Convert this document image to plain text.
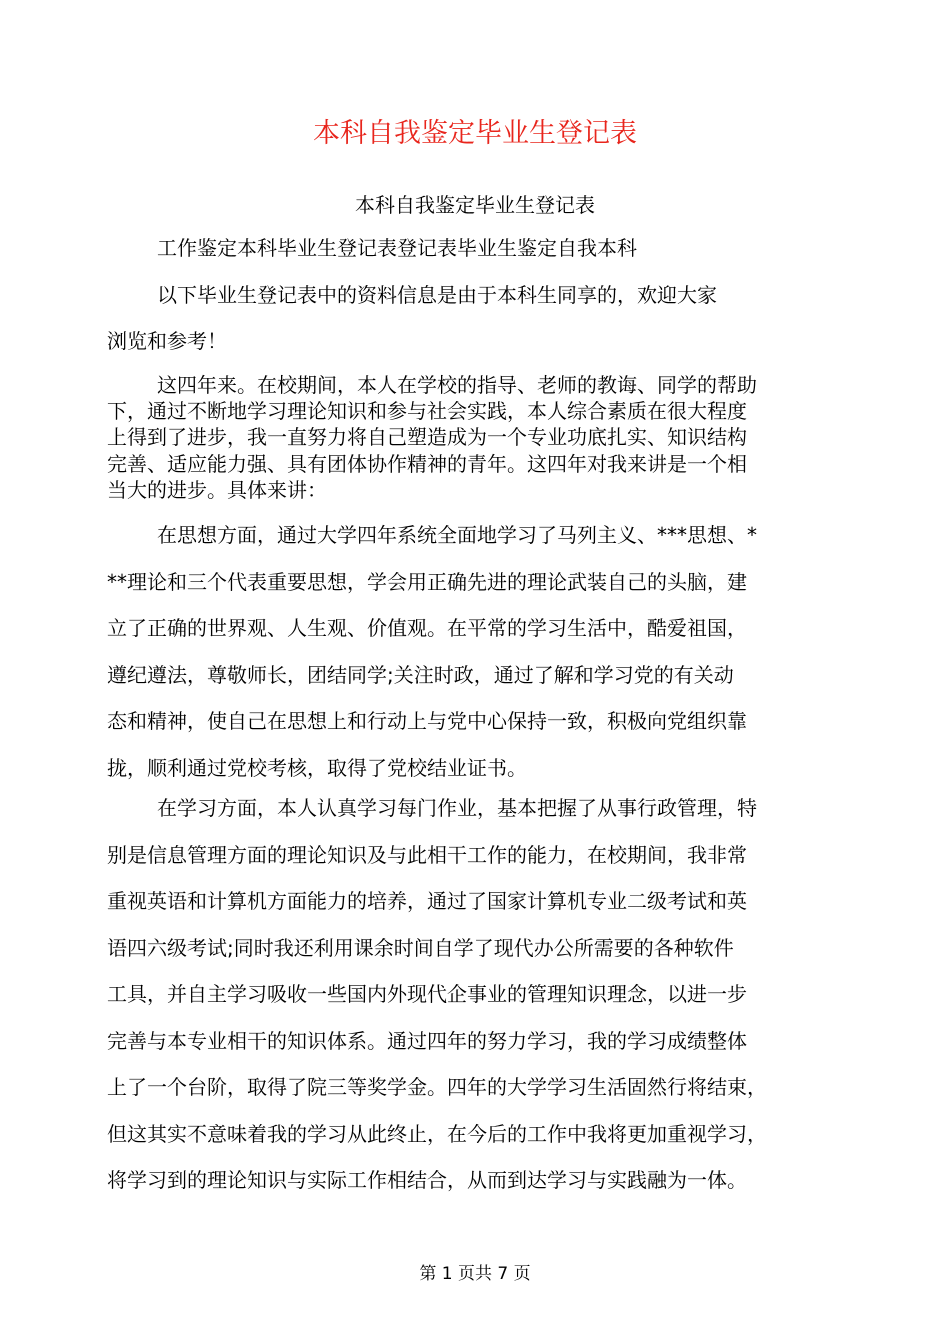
本科自我鉴定毕业生登记表
本科自我鉴定毕业生登记表
工作鉴定本科毕业生登记表登记表毕业生鉴定自我本科
以下毕业生登记表中的资料信息是由于本科生同享的，欢迎大家
浏览和参考！
这四年来。在校期间，本人在学校的指导、老师的教诲、同学的帮助
下，通过不断地学习理论知识和参与社会实践，本人综合素质在很大程度
上得到了进步，我一直努力将自己塑造成为一个专业功底扎实、知识结构
完善、适应能力强、具有团体协作精神的青年。这四年对我来讲是一个相
当大的进步。具体来讲：
在思想方面，通过大学四年系统全面地学习了马列主义、***思想、*
**理论和三个代表重要思想，学会用正确先进的理论武装自己的头脑，建
立了正确的世界观、人生观、价值观。在平常的学习生活中，酷爱祖国，
遵纪遵法，尊敬师长，团结同学;关注时政，通过了解和学习党的有关动
态和精神，使自己在思想上和行动上与党中心保持一致，积极向党组织靠
拢，顺利通过党校考核，取得了党校结业证书。
在学习方面，本人认真学习每门作业，基本把握了从事行政管理，特
别是信息管理方面的理论知识及与此相干工作的能力，在校期间，我非常
重视英语和计算机方面能力的培养，通过了国家计算机专业二级考试和英
语四六级考试;同时我还利用课余时间自学了现代办公所需要的各种软件
工具，并自主学习吸收一些国内外现代企事业的管理知识理念，以进一步
完善与本专业相干的知识体系。通过四年的努力学习，我的学习成绩整体
上了一个台阶，取得了院三等奖学金。四年的大学学习生活固然行将结束，
但这其实不意味着我的学习从此终止，在今后的工作中我将更加重视学习，
将学习到的理论知识与实际工作相结合，从而到达学习与实践融为一体。
第 1 页共 7 页
